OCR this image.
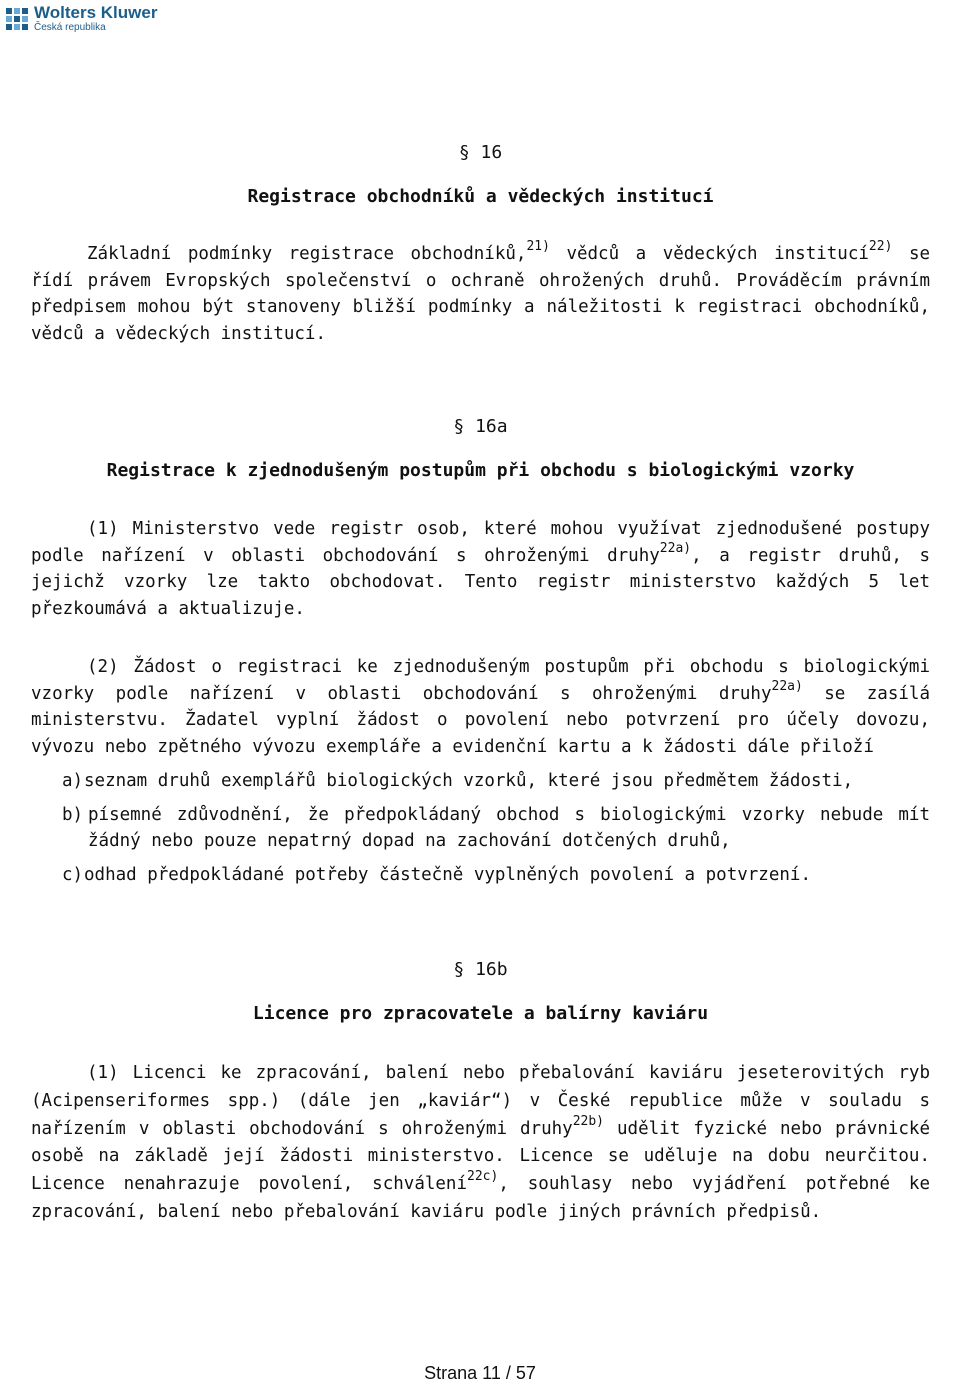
Wolters Kluwer
Česká republika
§ 16
Registrace obchodníků a vědeckých institucí

Základní podmínky registrace obchodníků,$^{21)}$ vědců a vědeckých institucí$^{22)}$ se řídí právem Evropských společenství o ochraně ohrožených druhů. Prováděcím právním předpisem mohou být stanoveny bližší podmínky a náležitosti k registraci obchodníků, vědců a vědeckých institucí.

§ 16a
Registrace k zjednodušeným postupům při obchodu s biologickými vzorky

(1) Ministerstvo vede registr osob, které mohou využívat zjednodušené postupy podle nařízení v oblasti obchodování s ohroženými druhy$^{22a)}$, a registr druhů, s jejichž vzorky lze takto obchodovat. Tento registr ministerstvo každých 5 let přezkoumává a aktualizuje.

(2) Žádost o registraci ke zjednodušeným postupům při obchodu s biologickými vzorky podle nařízení v oblasti obchodování s ohroženými druhy$^{22a)}$ se zasílá ministerstvu. Žadatel vyplní žádost o povolení nebo potvrzení pro účely dovozu, vývozu nebo zpětného vývozu exempláře a evidenční kartu a k žádosti dále přiloží

a) seznam druhů exemplářů biologických vzorků, které jsou předmětem žádosti,
b) písemné zdůvodnění, že předpokládaný obchod s biologickými vzorky nebude mít žádný nebo pouze nepatrný dopad na zachování dotčených druhů,
c) odhad předpokládané potřeby částečně vyplněných povolení a potvrzení.
§ 16b
Licence pro zpracovatele a balírny kaviáru

(1) Licenci ke zpracování, balení nebo přebalování kaviáru jeseterovitých ryb (Acipenseriformes spp.) (dále jen „kaviár“) v České republice může v souladu s nařízením v oblasti obchodování s ohroženými druhy$^{22b)}$ udělit fyzické nebo právnické osobě na základě její žádosti ministerstvo. Licence se uděluje na dobu neurčitou. Licence nenahrazuje povolení, schválení$^{22c)}$, souhlasy nebo vyjádření potřebné ke zpracování, balení nebo přebalování kaviáru podle jiných právních předpisů.

Strana 11 / 57
